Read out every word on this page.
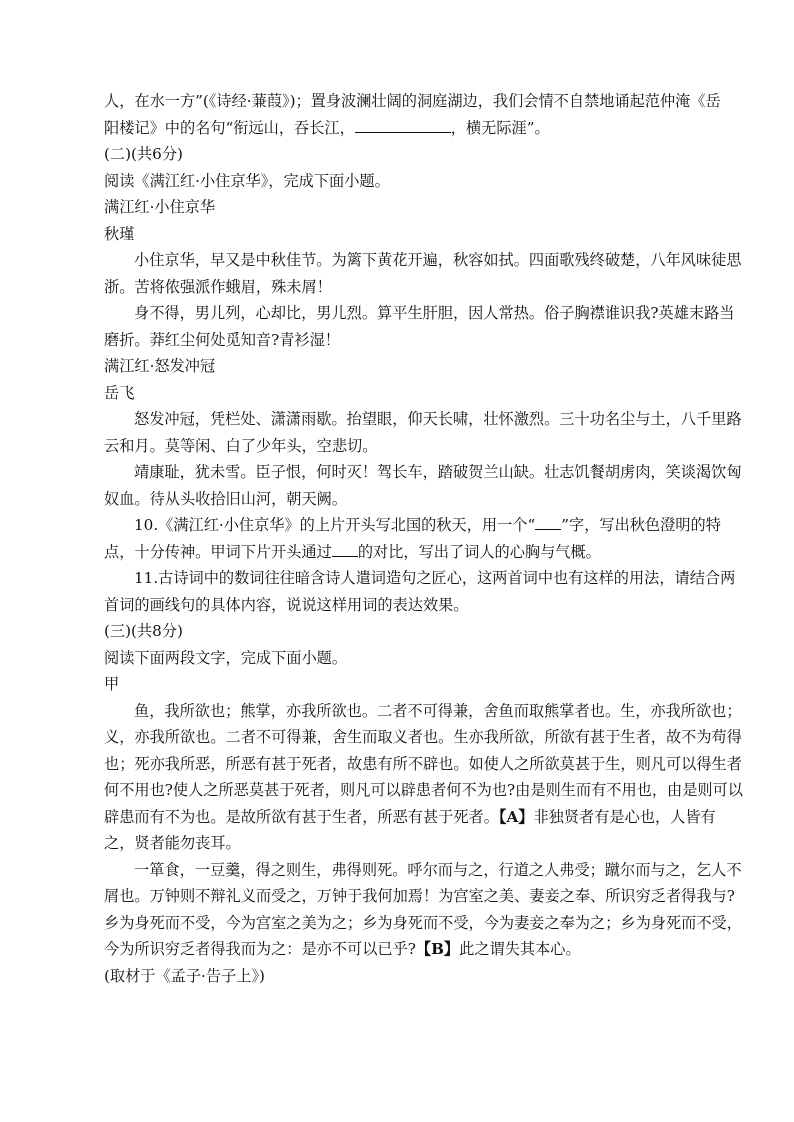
人，在水一方”(《诗经·蒹葭》)；置身波澜壮阔的洞庭湖边，我们会情不自禁地诵起范仲淹《岳
阳楼记》中的名句“衔远山，吞长江，	，横无际涯”。
(二)(共6分)
阅读《满江红·小住京华》，完成下面小题。
满江红·小住京华
秋瑾
小住京华，早又是中秋佳节。为篱下黄花开遍，秋容如拭。四面歌残终破楚，八年风味徒思
浙。苦将侬强派作蛾眉，殊未屑！
身不得，男儿列，心却比，男儿烈。算平生肝胆，因人常热。俗子胸襟谁识我?英雄末路当
磨折。莽红尘何处觅知音?青衫湿！
满江红·怒发冲冠
岳飞
怒发冲冠，凭栏处、潇潇雨歇。抬望眼，仰天长啸，壮怀激烈。三十功名尘与土，八千里路
云和月。莫等闲、白了少年头，空悲切。
靖康耻，犹未雪。臣子恨，何时灭！驾长车，踏破贺兰山缺。壮志饥餐胡虏肉，笑谈渴饮匈
奴血。待从头收拾旧山河，朝天阙。
10.《满江红·小住京华》的上片开头写北国的秋天，用一个“ ”字，写出秋色澄明的特
点，十分传神。甲词下片开头通过 的对比，写出了词人的心胸与气概。
11.古诗词中的数词往往暗含诗人遣词造句之匠心，这两首词中也有这样的用法，请结合两
首词的画线句的具体内容，说说这样用词的表达效果。
(三)(共8分)
阅读下面两段文字，完成下面小题。
甲
鱼，我所欲也；熊掌，亦我所欲也。二者不可得兼，舍鱼而取熊掌者也。生，亦我所欲也；
义，亦我所欲也。二者不可得兼，舍生而取义者也。生亦我所欲，所欲有甚于生者，故不为苟得
也；死亦我所恶，所恶有甚于死者，故患有所不辟也。如使人之所欲莫甚于生，则凡可以得生者
何不用也?使人之所恶莫甚于死者，则凡可以辟患者何不为也?由是则生而有不用也，由是则可以
辟患而有不为也。是故所欲有甚于生者，所恶有甚于死者。【A】非独贤者有是心也，人皆有
之，贤者能勿丧耳。
一箪食，一豆羹，得之则生，弗得则死。呼尔而与之，行道之人弗受；蹴尔而与之，乞人不
屑也。万钟则不辩礼义而受之，万钟于我何加焉！为宫室之美、妻妾之奉、所识穷乏者得我与?
乡为身死而不受，今为宫室之美为之；乡为身死而不受，今为妻妾之奉为之；乡为身死而不受，
今为所识穷乏者得我而为之：是亦不可以已乎?【B】此之谓失其本心。
(取材于《孟子·告子上》)
